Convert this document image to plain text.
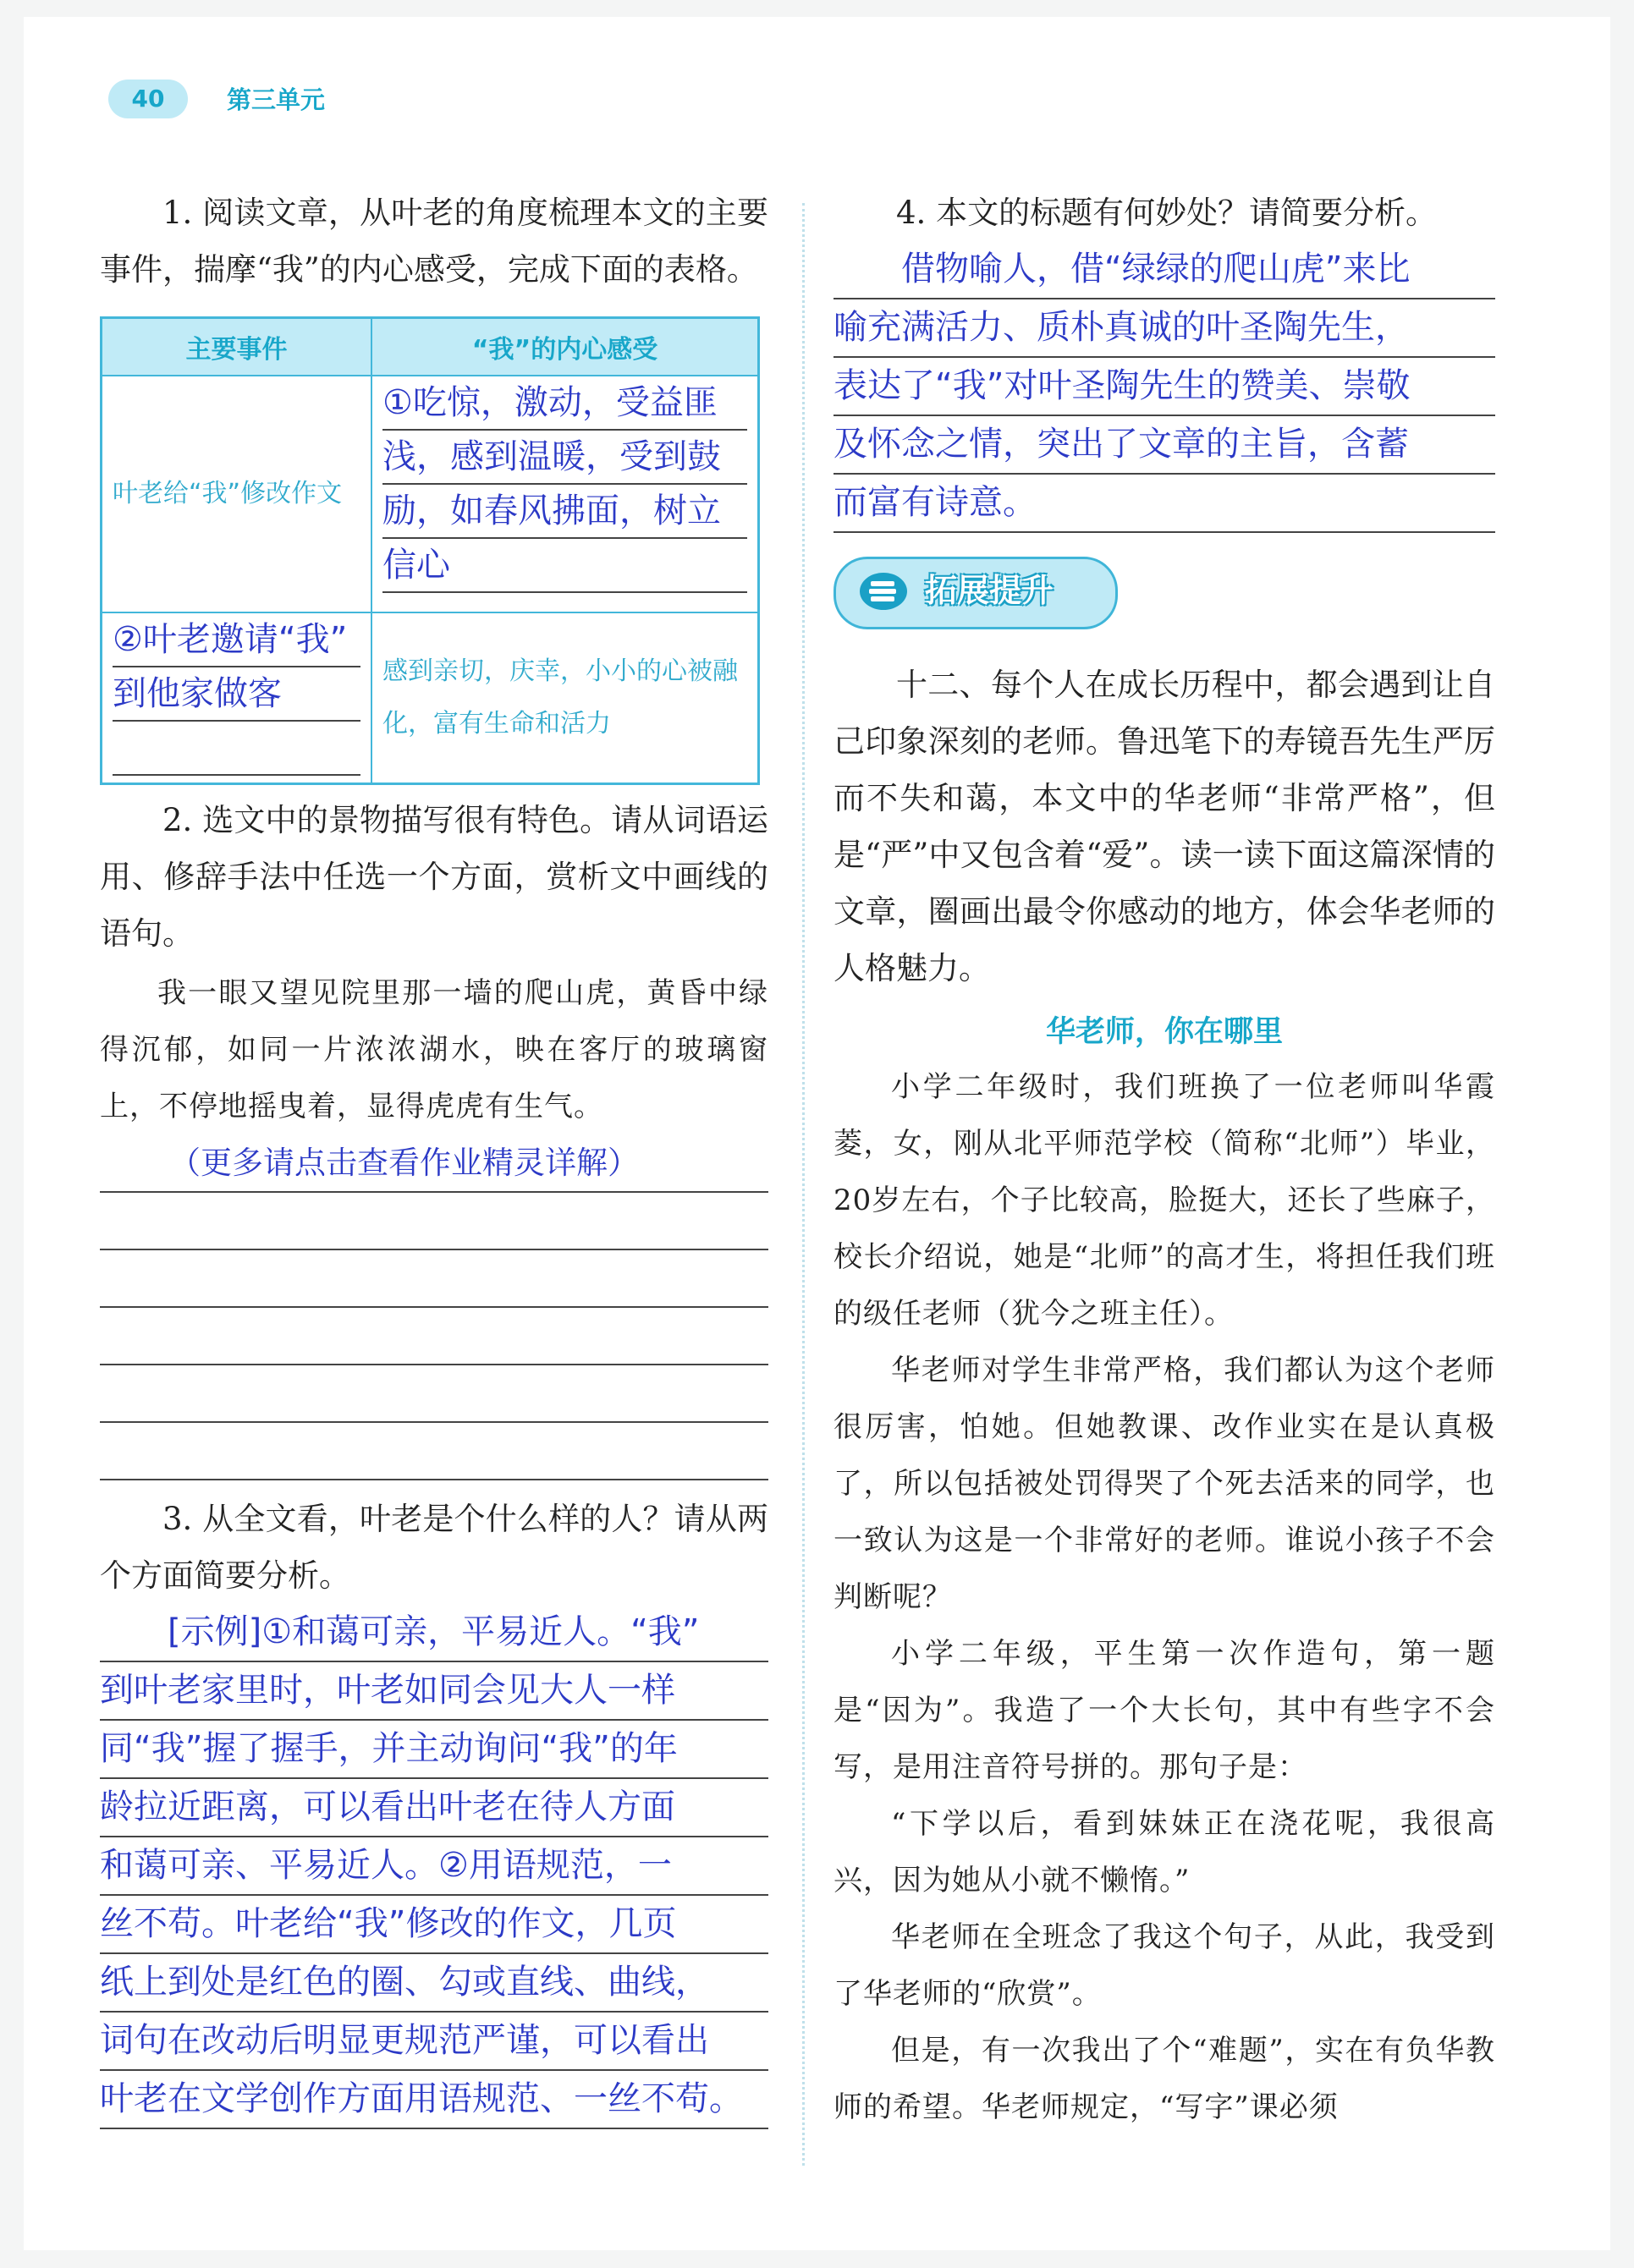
40	第三单元

1. 阅读文章，从叶老的角度梳理本文的主要事件，揣摩“我”的内心感受，完成下面的表格。

主要事件	“我”的内心感受

叶老给“我”修改作文	①吃惊，激动，受益匪
浅，感到温暖，受到鼓
励，如春风拂面，树立
信心

②叶老邀请“我”
到他家做客	感到亲切，庆幸，小小的心被融化，富有生命和活力

2. 选文中的景物描写很有特色。请从词语运用、修辞手法中任选一个方面，赏析文中画线的语句。

我一眼又望见院里那一墙的爬山虎，黄昏中绿得沉郁，如同一片浓浓湖水，映在客厅的玻璃窗上，不停地摇曳着，显得虎虎有生气。

（更多请点击查看作业精灵详解）

3. 从全文看，叶老是个什么样的人？请从两个方面简要分析。

[示例]①和蔼可亲，平易近人。“我”
到叶老家里时，叶老如同会见大人一样
同“我”握了握手，并主动询问“我”的年
龄拉近距离，可以看出叶老在待人方面
和蔼可亲、平易近人。②用语规范，一
丝不苟。叶老给“我”修改的作文，几页
纸上到处是红色的圈、勾或直线、曲线，
词句在改动后明显更规范严谨，可以看出
叶老在文学创作方面用语规范、一丝不苟。

4. 本文的标题有何妙处？请简要分析。

借物喻人，借“绿绿的爬山虎”来比
喻充满活力、质朴真诚的叶圣陶先生，
表达了“我”对叶圣陶先生的赞美、崇敬
及怀念之情，突出了文章的主旨，含蓄
而富有诗意。
拓展提升

十二、每个人在成长历程中，都会遇到让自己印象深刻的老师。鲁迅笔下的寿镜吾先生严厉而不失和蔼，本文中的华老师“非常严格”，但是“严”中又包含着“爱”。读一读下面这篇深情的文章，圈画出最令你感动的地方，体会华老师的人格魅力。

华老师，你在哪里

小学二年级时，我们班换了一位老师叫华霞菱，女，刚从北平师范学校（简称“北师”）毕业，20岁左右，个子比较高，脸挺大，还长了些麻子，校长介绍说，她是“北师”的高才生，将担任我们班的级任老师（犹今之班主任）。

华老师对学生非常严格，我们都认为这个老师很厉害，怕她。但她教课、改作业实在是认真极了，所以包括被处罚得哭了个死去活来的同学，也一致认为这是一个非常好的老师。谁说小孩子不会判断呢？

小学二年级，平生第一次作造句，第一题是“因为”。我造了一个大长句，其中有些字不会写，是用注音符号拼的。那句子是：

“下学以后，看到妹妹正在浇花呢，我很高兴，因为她从小就不懒惰。”

华老师在全班念了我这个句子，从此，我受到了华老师的“欣赏”。

但是，有一次我出了个“难题”，实在有负华教师的希望。华老师规定，“写字”课必须
